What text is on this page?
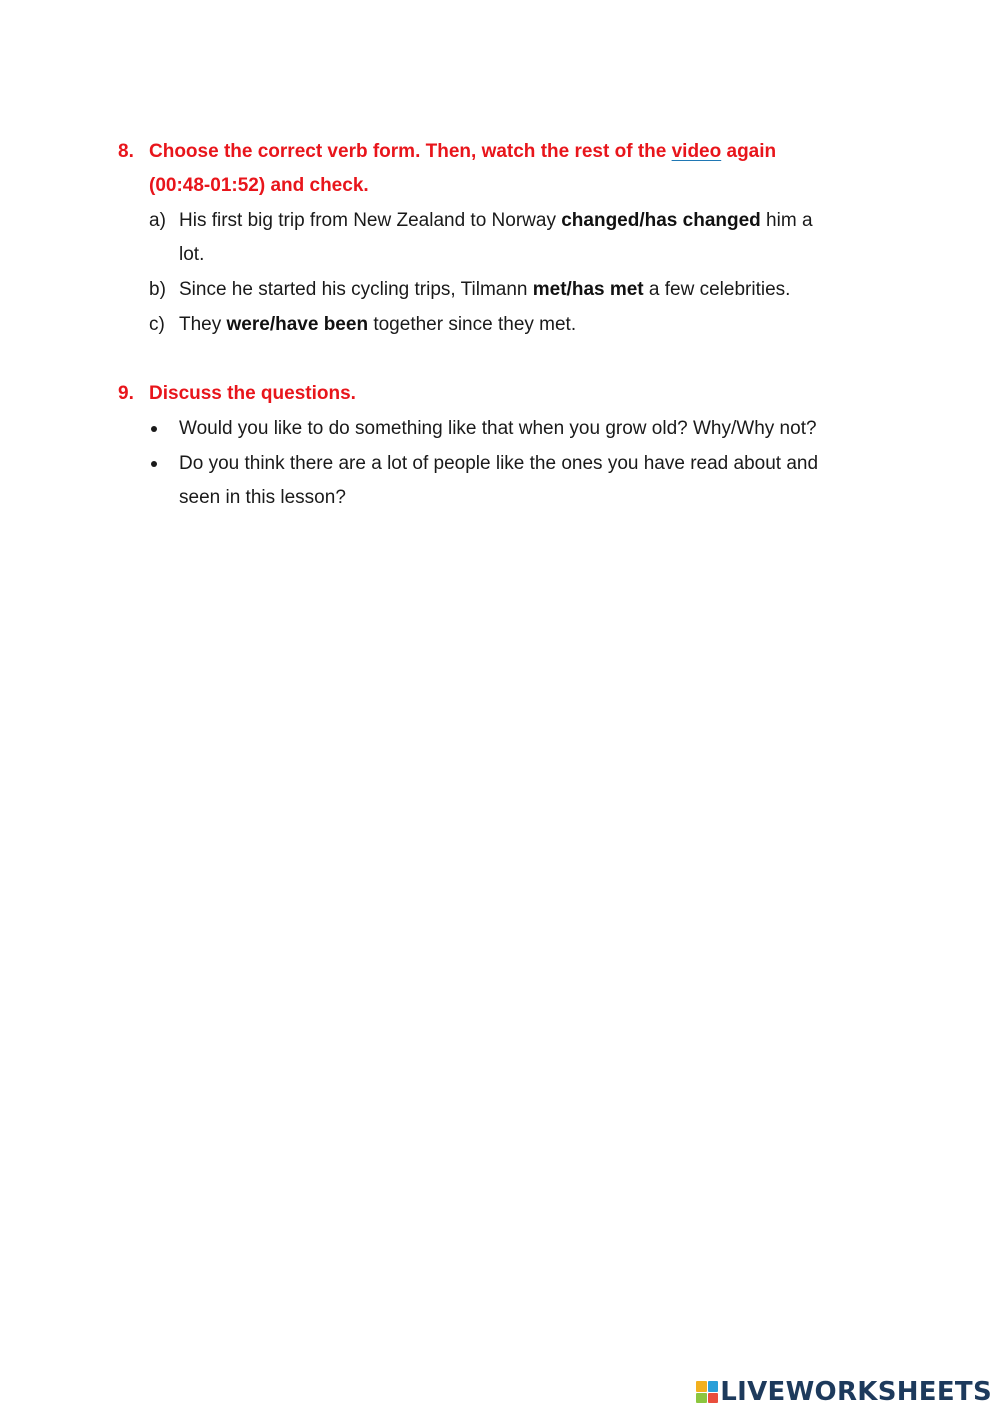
8. Choose the correct verb form. Then, watch the rest of the video again
(00:48-01:52) and check.
a) His first big trip from New Zealand to Norway changed/has changed him a
lot.
b) Since he started his cycling trips, Tilmann met/has met a few celebrities.
c) They were/have been together since they met.
9. Discuss the questions.
Would you like to do something like that when you grow old? Why/Why not?
Do you think there are a lot of people like the ones you have read about and
seen in this lesson?
LIVEWORKSHEETS
